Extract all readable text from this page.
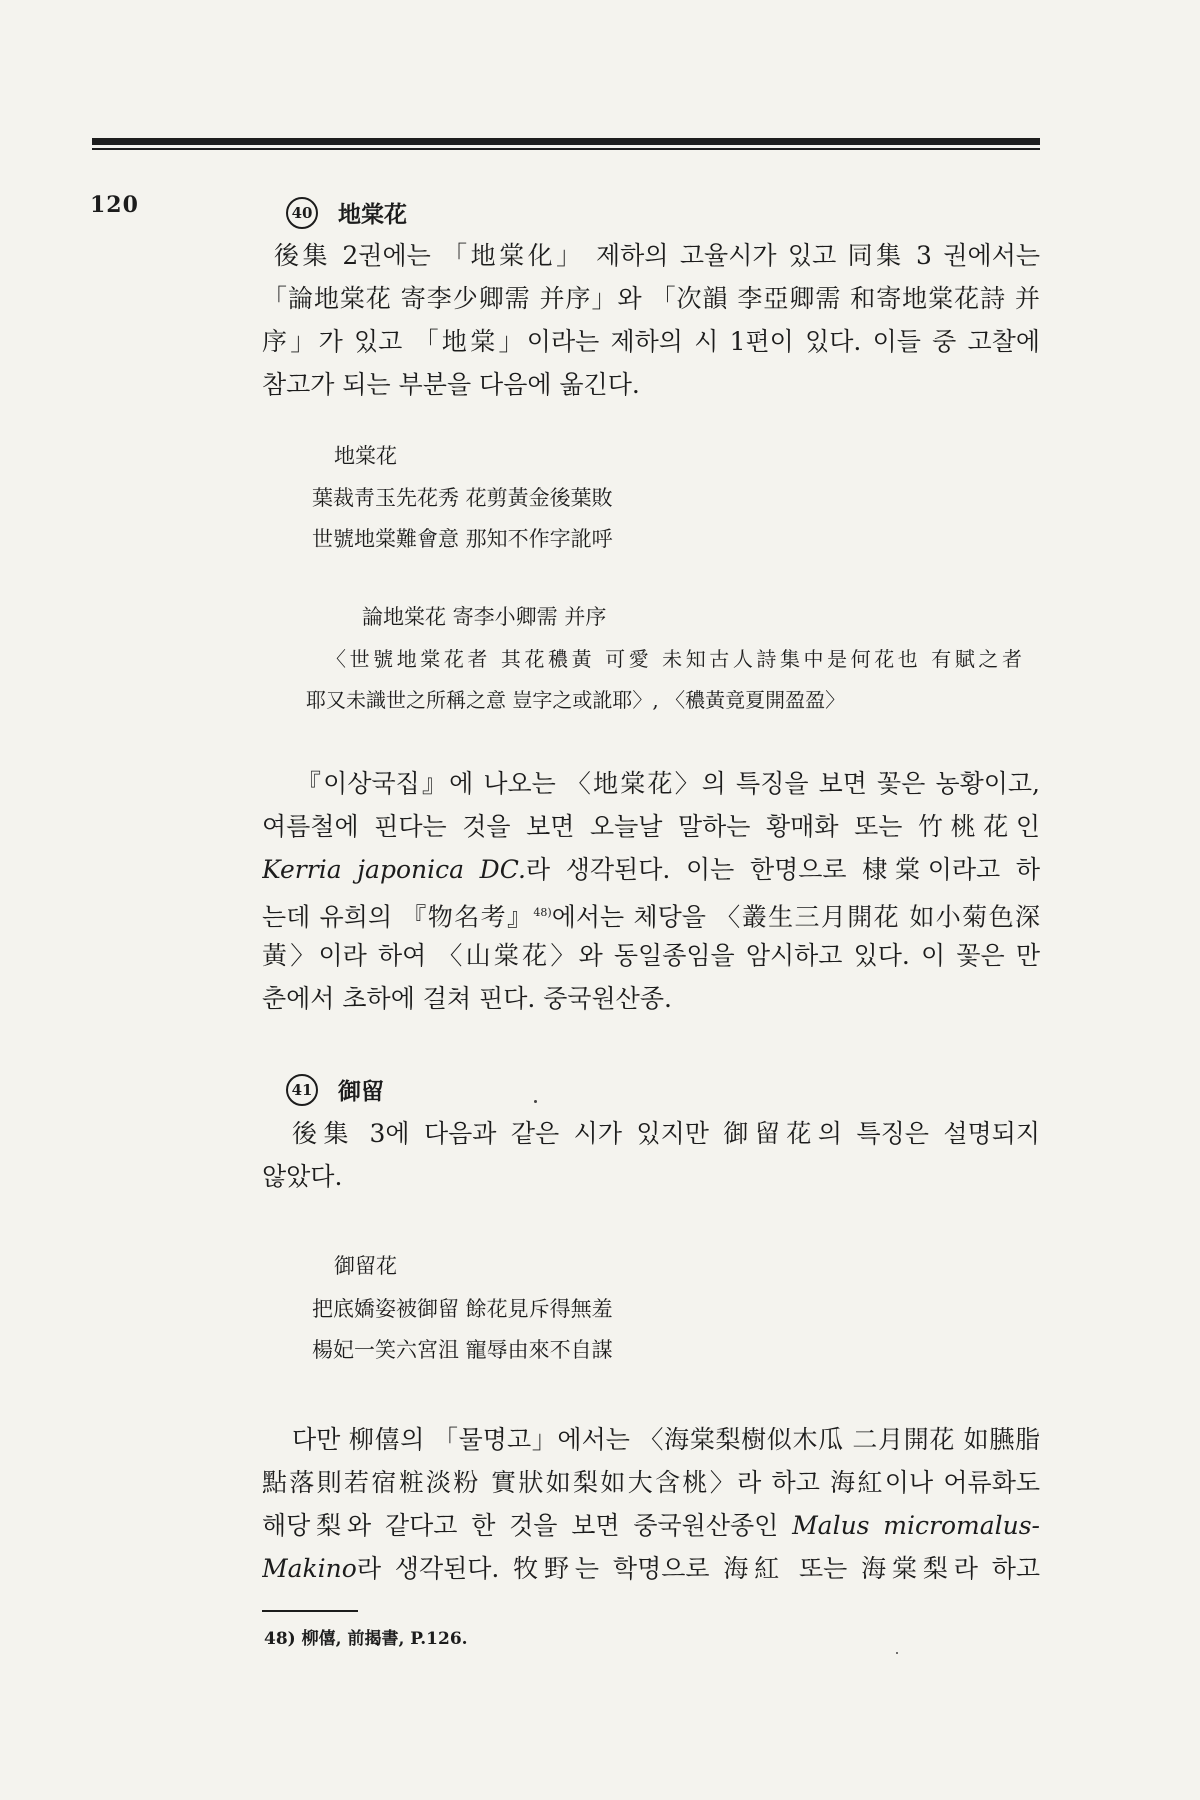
120	40 地棠花
後集 2권에는 「地棠化」 제하의 고율시가 있고 同集 3 권에서는
「論地棠花 寄李少卿需 并序」와 「次韻 李亞卿需 和寄地棠花詩 并
序」가 있고 「地棠」이라는 제하의 시 1편이 있다. 이들 중 고찰에
참고가 되는 부분을 다음에 옮긴다.
地棠花
葉裁靑玉先花秀 花剪黃金後葉敗
世號地棠難會意 那知不作字訛呼
論地棠花 寄李小卿需 并序
〈世號地棠花者 其花穠黃 可愛 未知古人詩集中是何花也 有賦之者
耶又未識世之所稱之意 豈字之或訛耶〉, 〈穠黃竟夏開盈盈〉
『이상국집』에 나오는 〈地棠花〉의 특징을 보면 꽃은 농황이고,
여름철에 핀다는 것을 보면 오늘날 말하는 황매화 또는 竹桃花인
Kerria japonica DC.라 생각된다. 이는 한명으로 棣棠이라고 하
는데 유희의 『物名考』$^{48)}$에서는 체당을 〈叢生三月開花 如小菊色深
黃〉이라 하여 〈山棠花〉와 동일종임을 암시하고 있다. 이 꽃은 만
춘에서 초하에 걸쳐 핀다. 중국원산종.
41 御留
後集 3에 다음과 같은 시가 있지만 御留花의 특징은 설명되지
않았다.
御留花
把底嬌姿被御留 餘花見斥得無羞
楊妃一笑六宮沮 寵辱由來不自謀
다만 柳僖의 「물명고」에서는 〈海棠梨樹似木瓜 二月開花 如臙脂
點落則若宿粧淡粉 實狀如梨如大含桃〉라 하고 海紅이나 어류화도
해당梨와 같다고 한 것을 보면 중국원산종인 Malus micromalus-
Makino라 생각된다. 牧野는 학명으로 海紅 또는 海棠梨라 하고
48) 柳僖, 前揭書, P.126.
